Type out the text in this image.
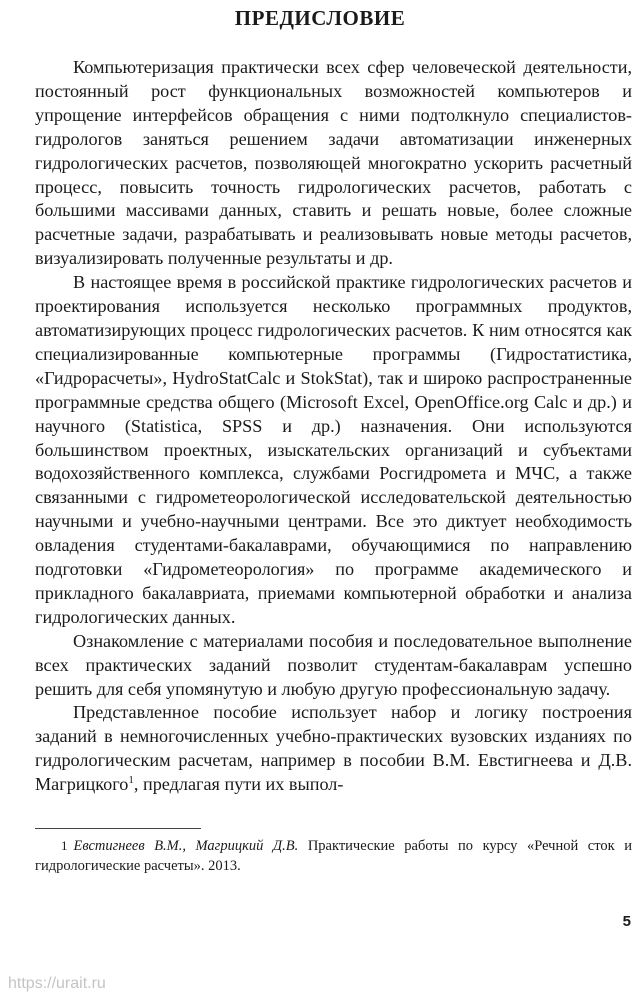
ПРЕДИСЛОВИЕ

Компьютеризация практически всех сфер человеческой деятельности, постоянный рост функциональных возможностей компьютеров и упрощение интерфейсов обращения с ними подтолкнуло специалистов-гидрологов заняться решением задачи автоматизации инженерных гидрологических расчетов, позволяющей многократно ускорить расчетный процесс, повысить точность гидрологических расчетов, работать с большими массивами данных, ставить и решать новые, более сложные расчетные задачи, разрабатывать и реализовывать новые методы расчетов, визуализировать полученные результаты и др.

В настоящее время в российской практике гидрологических расчетов и проектирования используется несколько программных продуктов, автоматизирующих процесс гидрологических расчетов. К ним относятся как специализированные компьютерные программы (Гидростатистика, «Гидрорасчеты», HydroStatCalc и StokStat), так и широко распространенные программные средства общего (Microsoft Excel, OpenOffice.org Calc и др.) и научного (Statistica, SPSS и др.) назначения. Они используются большинством проектных, изыскательских организаций и субъектами водохозяйственного комплекса, службами Росгидромета и МЧС, а также связанными с гидрометеорологической исследовательской деятельностью научными и учебно-научными центрами. Все это диктует необходимость овладения студентами-бакалаврами, обучающимися по направлению подготовки «Гидрометеорология» по программе академического и прикладного бакалавриата, приемами компьютерной обработки и анализа гидрологических данных.

Ознакомление с материалами пособия и последовательное выполнение всех практических заданий позволит студентам-бакалаврам успешно решить для себя упомянутую и любую другую профессиональную задачу.

Представленное пособие использует набор и логику построения заданий в немногочисленных учебно-практических вузовских изданиях по гидрологическим расчетам, например в пособии В.М. Евстигнеева и Д.В. Магрицкого$^1$, предлагая пути их выпол-

1 Евстигнеев В.М., Магрицкий Д.В. Практические работы по курсу «Речной сток и гидрологические расчеты». 2013.

5
https://urait.ru
